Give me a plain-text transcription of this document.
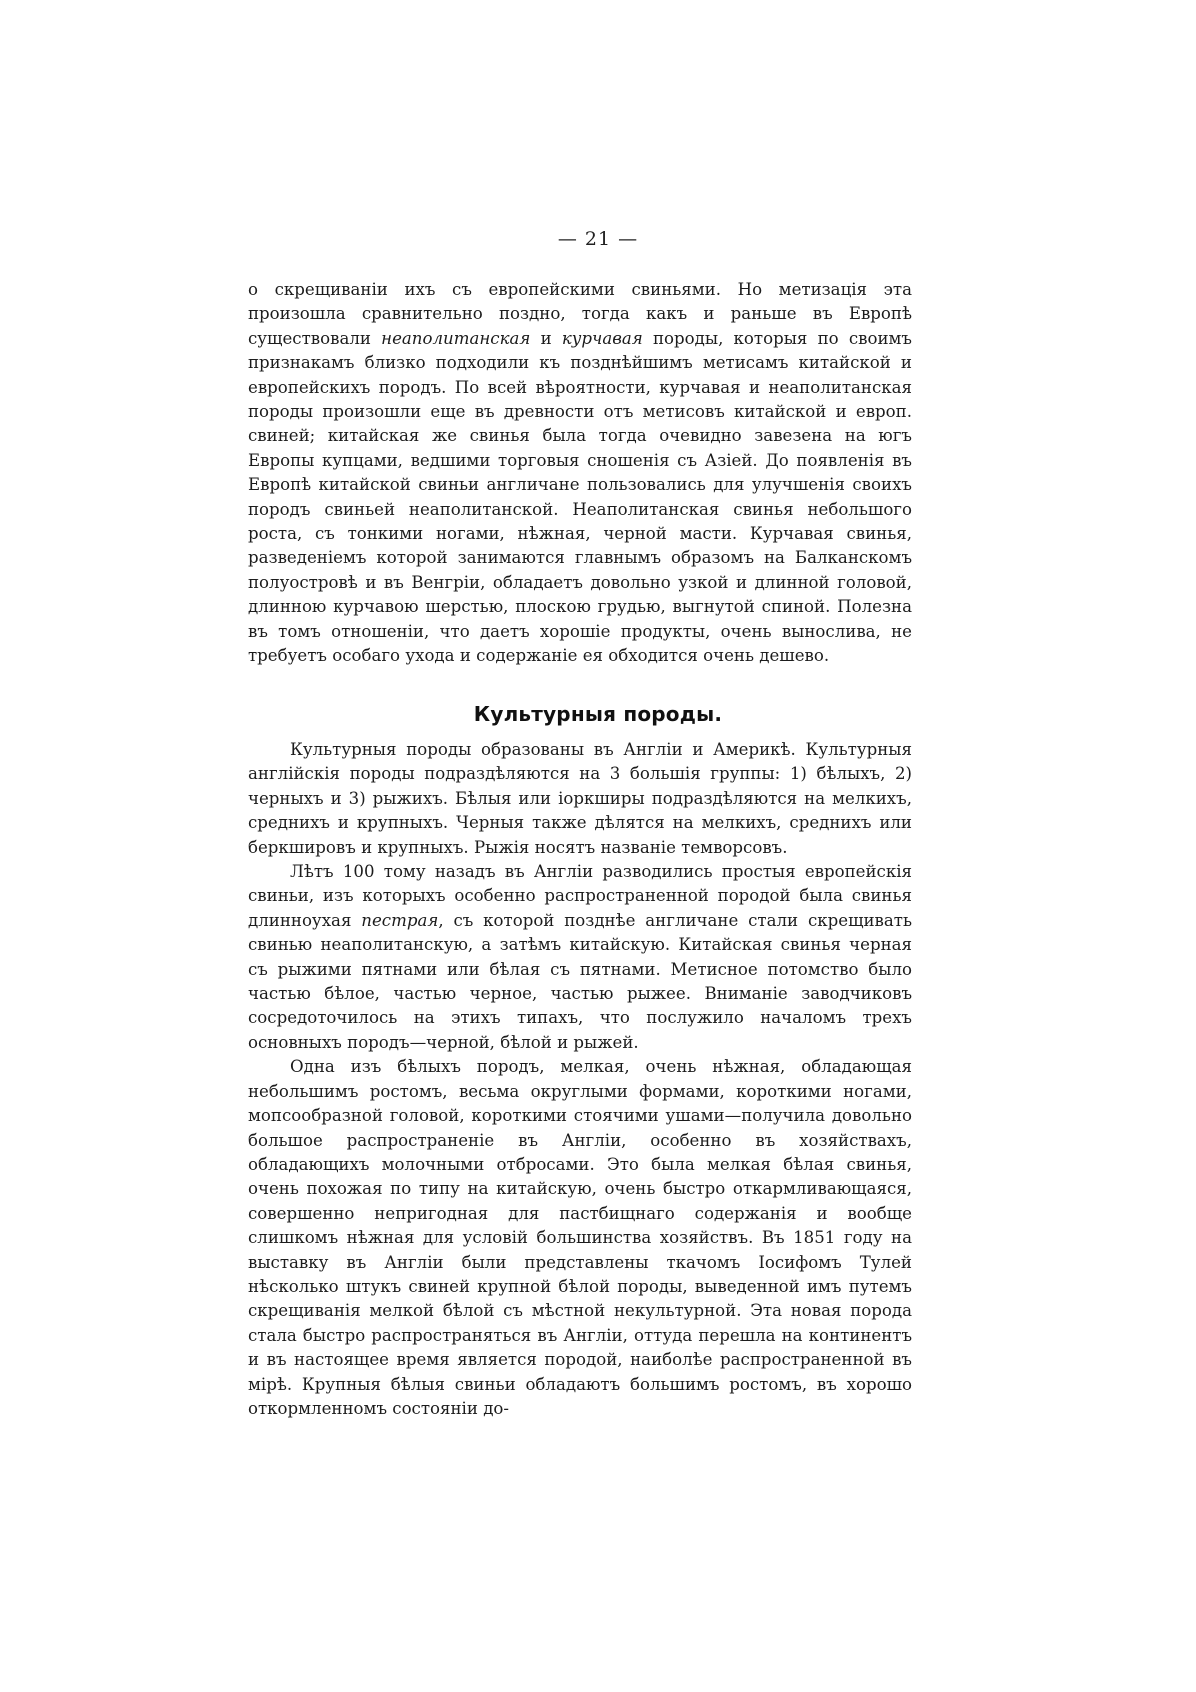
— 21 —

о скрещиваніи ихъ съ европейскими свиньями. Но метизація эта произошла сравнительно поздно, тогда какъ и раньше въ Европѣ существовали неаполитанская и курчавая породы, которыя по своимъ признакамъ близко подходили къ позднѣйшимъ метисамъ китайской и европейскихъ породъ. По всей вѣроятности, курчавая и неаполитанская породы произошли еще въ древности отъ метисовъ китайской и европ. свиней; китайская же свинья была тогда очевидно завезена на югъ Европы купцами, ведшими торговыя сношенія съ Азіей. До появленія въ Европѣ китайской свиньи англичане пользовались для улучшенія своихъ породъ свиньей неаполитанской. Неаполитанская свинья небольшого роста, съ тонкими ногами, нѣжная, черной масти. Курчавая свинья, разведеніемъ которой занимаются главнымъ образомъ на Балканскомъ полуостровѣ и въ Венгріи, обладаетъ довольно узкой и длинной головой, длинною курчавою шерстью, плоскою грудью, выгнутой спиной. Полезна въ томъ отношеніи, что даетъ хорошіе продукты, очень вынослива, не требуетъ особаго ухода и содержаніе ея обходится очень дешево.

Культурныя породы.

Культурныя породы образованы въ Англіи и Америкѣ. Культурныя англійскія породы подраздѣляются на 3 большія группы: 1) бѣлыхъ, 2) черныхъ и 3) рыжихъ. Бѣлыя или іоркширы подраздѣляются на мелкихъ, среднихъ и крупныхъ. Черныя также дѣлятся на мелкихъ, среднихъ или беркшировъ и крупныхъ. Рыжія носятъ названіе темворсовъ.

Лѣтъ 100 тому назадъ въ Англіи разводились простыя европейскія свиньи, изъ которыхъ особенно распространенной породой была свинья длинноухая пестрая, съ которой позднѣе англичане стали скрещивать свинью неаполитанскую, а затѣмъ китайскую. Китайская свинья черная съ рыжими пятнами или бѣлая съ пятнами. Метисное потомство было частью бѣлое, частью черное, частью рыжее. Вниманіе заводчиковъ сосредоточилось на этихъ типахъ, что послужило началомъ трехъ основныхъ породъ—черной, бѣлой и рыжей.

Одна изъ бѣлыхъ породъ, мелкая, очень нѣжная, обладающая небольшимъ ростомъ, весьма округлыми формами, короткими ногами, мопсообразной головой, короткими стоячими ушами—получила довольно большое распространеніе въ Англіи, особенно въ хозяйствахъ, обладающихъ молочными отбросами. Это была мелкая бѣлая свинья, очень похожая по типу на китайскую, очень быстро откармливающаяся, совершенно непригодная для пастбищнаго содержанія и вообще слишкомъ нѣжная для условій большинства хозяйствъ. Въ 1851 году на выставку въ Англіи были представлены ткачомъ Іосифомъ Тулей нѣсколько штукъ свиней крупной бѣлой породы, выведенной имъ путемъ скрещиванія мелкой бѣлой съ мѣстной некультурной. Эта новая порода стала быстро распространяться въ Англіи, оттуда перешла на континентъ и въ настоящее время является породой, наиболѣе распространенной въ мірѣ. Крупныя бѣлыя свиньи обладаютъ большимъ ростомъ, въ хорошо откормленномъ состояніи до-
